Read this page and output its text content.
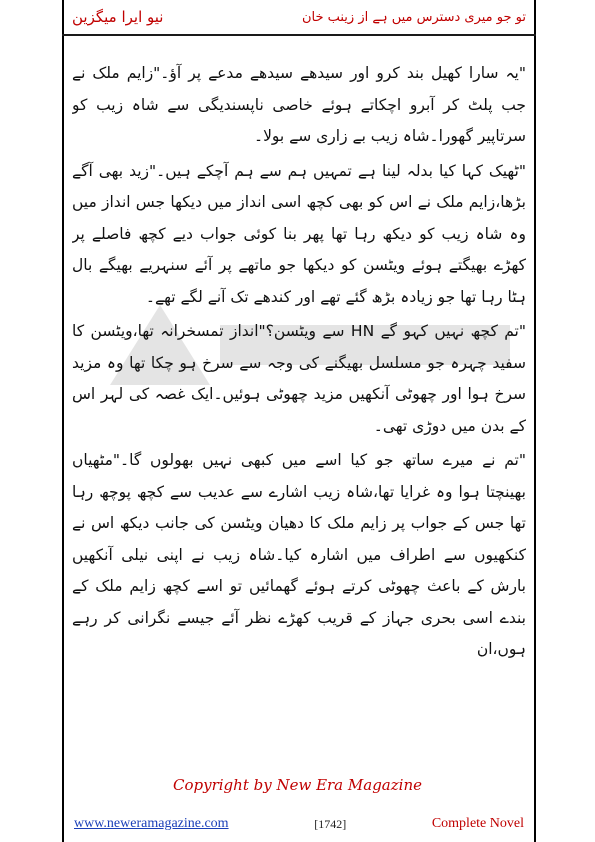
تو جو میری دسترس میں ہے از زینب خان
نیو ایرا میگزین

"یہ سارا کھیل بند کرو اور سیدھے سیدھے مدعے پر آؤ۔"زایم ملک نے جب پلٹ کر آبرو اچکاتے ہوئے خاصی ناپسندیگی سے شاہ زیب کو سرتاپیر گھورا۔شاہ زیب بے زاری سے بولا۔

"ٹھیک کہا کیا بدلہ لینا ہے تمہیں ہم سے ہم آچکے ہیں۔"زید بھی آگے بڑھا،زایم ملک نے اس کو بھی کچھ اسی انداز میں دیکھا جس انداز میں وہ شاہ زیب کو دیکھ رہا تھا پھر بنا کوئی جواب دیے کچھ فاصلے پر کھڑے بھیگتے ہوئے ویٹسن کو دیکھا جو ماتھے پر آئے سنہریے بھیگے بال ہٹا رہا تھا جو زیادہ بڑھ گئے تھے اور کندھے تک آنے لگے تھے۔

"تم کچھ نہیں کہو گے HN سے ویٹسن؟"انداز تمسخرانہ تھا،ویٹسن کا سفید چہرہ جو مسلسل بھیگنے کی وجہ سے سرخ ہو چکا تھا وہ مزید سرخ ہوا اور چھوٹی آنکھیں مزید چھوٹی ہوئیں۔ایک غصہ کی لہر اس کے بدن میں دوڑی تھی۔

"تم نے میرے ساتھ جو کیا اسے میں کبھی نہیں بھولوں گا۔"مٹھیاں بھینچتا ہوا وہ غرایا تھا،شاہ زیب اشارے سے عدیب سے کچھ پوچھ رہا تھا جس کے جواب پر زایم ملک کا دھیان ویٹسن کی جانب دیکھ اس نے کنکھیوں سے اطراف میں اشارہ کیا۔شاہ زیب نے اپنی نیلی آنکھیں بارش کے باعث چھوٹی کرتے ہوئے گھمائیں تو اسے کچھ زایم ملک کے بندے اسی بحری جہاز کے قریب کھڑے نظر آئے جیسے نگرانی کر رہے ہوں،ان

Copyright by New Era Magazine
www.neweramagazine.com	[1742]	Complete Novel
